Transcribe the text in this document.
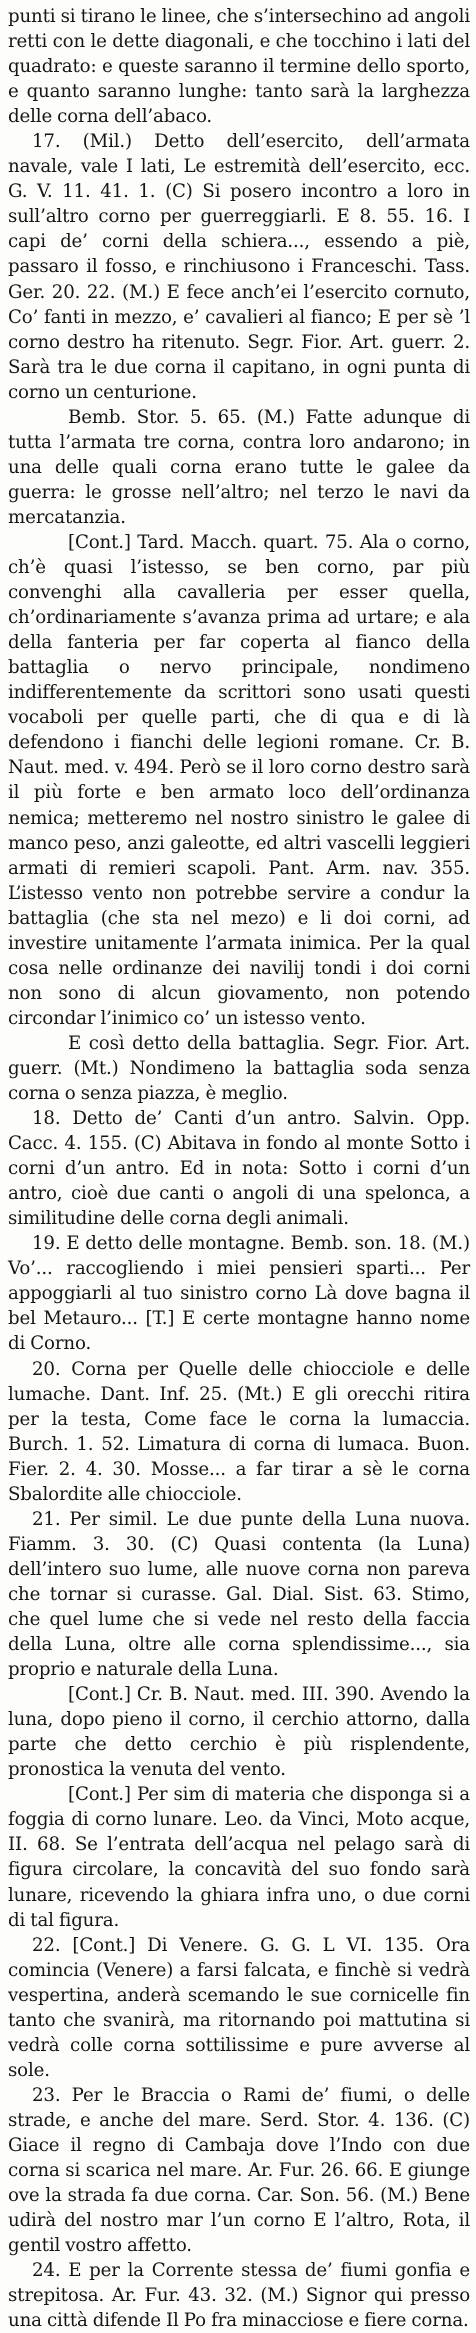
punti si tirano le linee, che s’intersechino ad angoli retti con le dette diagonali, e che tocchino i lati del quadrato: e queste saranno il termine dello sporto, e quanto saranno lunghe: tanto sarà la larghezza delle corna dell’abaco.

17. (Mil.) Detto dell’esercito, dell’armata navale, vale I lati, Le estremità dell’esercito, ecc. G. V. 11. 41. 1. (C) Si posero incontro a loro in sull’altro corno per guerreggiarli. E 8. 55. 16. I capi de’ corni della schiera..., essendo a piè, passaro il fosso, e rinchiusono i Franceschi. Tass. Ger. 20. 22. (M.) E fece anch’ei l’esercito cornuto, Co’ fanti in mezzo, e’ cavalieri al fianco; E per sè ’l corno destro ha ritenuto. Segr. Fior. Art. guerr. 2. Sarà tra le due corna il capitano, in ogni punta di corno un centurione.

Bemb. Stor. 5. 65. (M.) Fatte adunque di tutta l’armata tre corna, contra loro andarono; in una delle quali corna erano tutte le galee da guerra: le grosse nell’altro; nel terzo le navi da mercatanzia.

[Cont.] Tard. Macch. quart. 75. Ala o corno, ch’è quasi l’istesso, se ben corno, par più convenghi alla cavalleria per esser quella, ch’ordinariamente s’avanza prima ad urtare; e ala della fanteria per far coperta al fianco della battaglia o nervo principale, nondimeno indifferentemente da scrittori sono usati questi vocaboli per quelle parti, che di qua e di là defendono i fianchi delle legioni romane. Cr. B. Naut. med. v. 494. Però se il loro corno destro sarà il più forte e ben armato loco dell’ordinanza nemica; metteremo nel nostro sinistro le galee di manco peso, anzi galeotte, ed altri vascelli leggieri armati di remieri scapoli. Pant. Arm. nav. 355. L’istesso vento non potrebbe servire a condur la battaglia (che sta nel mezo) e li doi corni, ad investire unitamente l’armata inimica. Per la qual cosa nelle ordinanze dei navilij tondi i doi corni non sono di alcun giovamento, non potendo circondar l’inimico co’ un istesso vento.

E così detto della battaglia. Segr. Fior. Art. guerr. (Mt.) Nondimeno la battaglia soda senza corna o senza piazza, è meglio.

18. Detto de’ Canti d’un antro. Salvin. Opp. Cacc. 4. 155. (C) Abitava in fondo al monte Sotto i corni d’un antro. Ed in nota: Sotto i corni d’un antro, cioè due canti o angoli di una spelonca, a similitudine delle corna degli animali.

19. E detto delle montagne. Bemb. son. 18. (M.) Vo’... raccogliendo i miei pensieri sparti... Per appoggiarli al tuo sinistro corno Là dove bagna il bel Metauro... [T.] E certe montagne hanno nome di Corno.

20. Corna per Quelle delle chiocciole e delle lumache. Dant. Inf. 25. (Mt.) E gli orecchi ritira per la testa, Come face le corna la lumaccia. Burch. 1. 52. Limatura di corna di lumaca. Buon. Fier. 2. 4. 30. Mosse... a far tirar a sè le corna Sbalordite alle chiocciole.

21. Per simil. Le due punte della Luna nuova. Fiamm. 3. 30. (C) Quasi contenta (la Luna) dell’intero suo lume, alle nuove corna non pareva che tornar si curasse. Gal. Dial. Sist. 63. Stimo, che quel lume che si vede nel resto della faccia della Luna, oltre alle corna splendissime..., sia proprio e naturale della Luna.

[Cont.] Cr. B. Naut. med. III. 390. Avendo la luna, dopo pieno il corno, il cerchio attorno, dalla parte che detto cerchio è più risplendente, pronostica la venuta del vento.

[Cont.] Per sim di materia che disponga si a foggia di corno lunare. Leo. da Vinci, Moto acque, II. 68. Se l’entrata dell’acqua nel pelago sarà di figura circolare, la concavità del suo fondo sarà lunare, ricevendo la ghiara infra uno, o due corni di tal figura.

22. [Cont.] Di Venere. G. G. L VI. 135. Ora comincia (Venere) a farsi falcata, e finchè si vedrà vespertina, anderà scemando le sue cornicelle fin tanto che svanirà, ma ritornando poi mattutina si vedrà colle corna sottilissime e pure avverse al sole.

23. Per le Braccia o Rami de’ fiumi, o delle strade, e anche del mare. Serd. Stor. 4. 136. (C) Giace il regno di Cambaja dove l’Indo con due corna si scarica nel mare. Ar. Fur. 26. 66. E giunge ove la strada fa due corna. Car. Son. 56. (M.) Bene udirà del nostro mar l’un corno E l’altro, Rota, il gentil vostro affetto.

24. E per la Corrente stessa de’ fiumi gonfia e strepitosa. Ar. Fur. 43. 32. (M.) Signor qui presso una città difende Il Po fra minacciose e fiere corna.
